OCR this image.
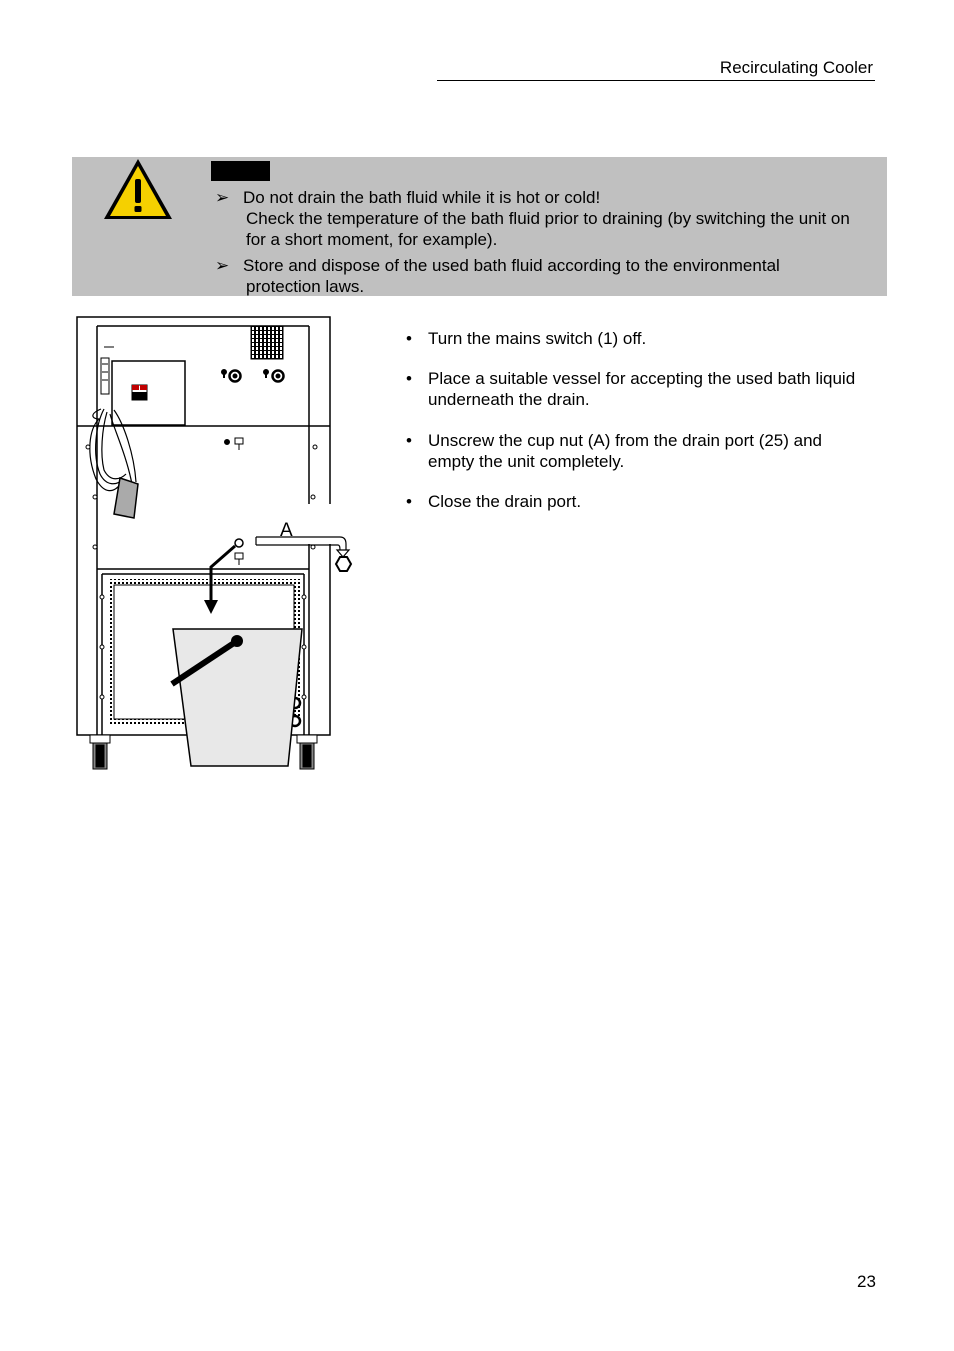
Recirculating Cooler
➢ Do not drain the bath fluid while it is hot or cold!
Check the temperature of the bath fluid prior to draining (by switching the unit on
for a short moment, for example).
➢ Store and dispose of the used bath fluid according to the environmental
protection laws.
A
• Turn the mains switch (1) off.
• Place a suitable vessel for accepting the used bath liquid
underneath the drain.
• Unscrew the cup nut (A) from the drain port (25) and
empty the unit completely.
• Close the drain port.
23
